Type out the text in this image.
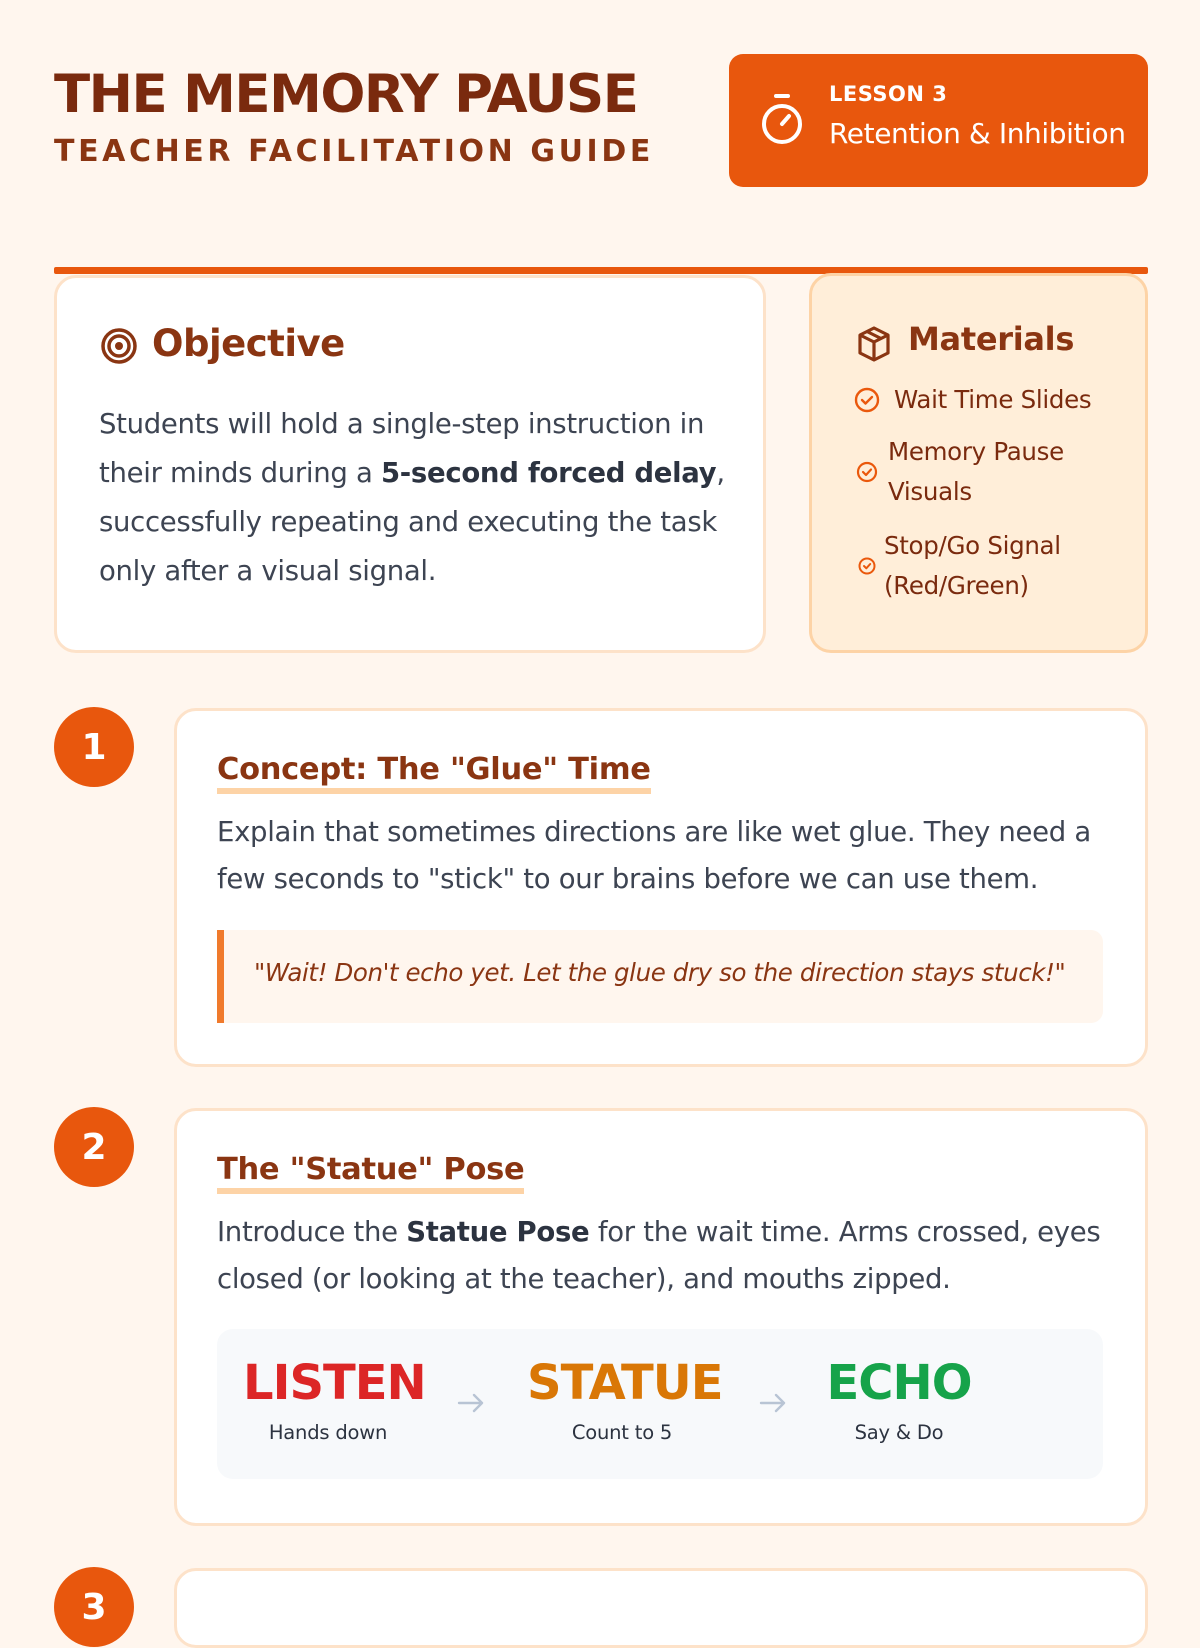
THE MEMORY PAUSE
TEACHER FACILITATION GUIDE
LESSON 3
Retention & Inhibition
Objective

Students will hold a single-step instruction in their minds during a 5-second forced delay, successfully repeating and executing the task only after a visual signal.

Materials
Wait Time Slides
Memory Pause Visuals
Stop/Go Signal (Red/Green)
1
Concept: The "Glue" Time

Explain that sometimes directions are like wet glue. They need a few seconds to "stick" to our brains before we can use them.

"Wait! Don't echo yet. Let the glue dry so the direction stays stuck!"
2
The "Statue" Pose

Introduce the Statue Pose for the wait time. Arms crossed, eyes closed (or looking at the teacher), and mouths zipped.

LISTEN
Hands down
STATUE
Count to 5
ECHO
Say & Do
3
